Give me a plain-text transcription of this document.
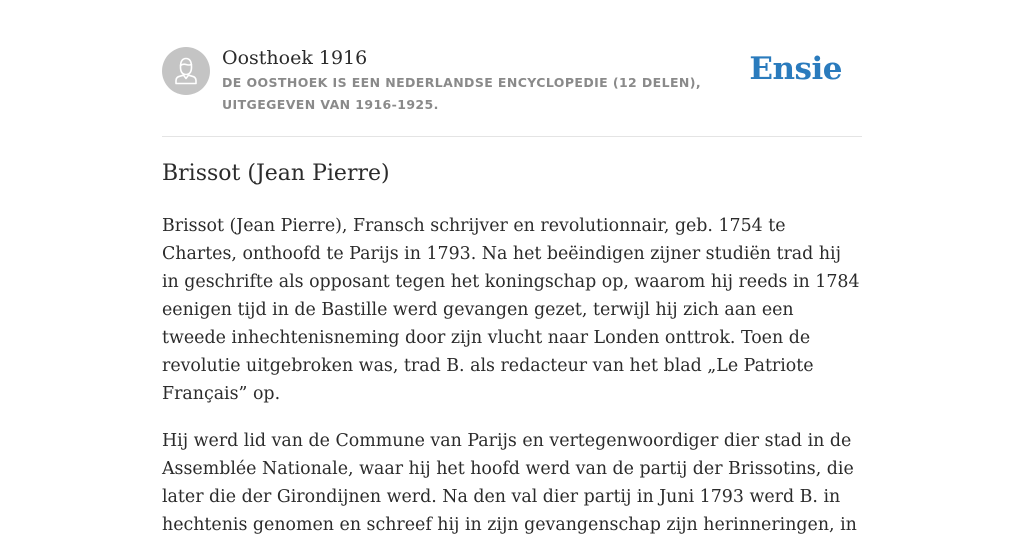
Oosthoek 1916
DE OOSTHOEK IS EEN NEDERLANDSE ENCYCLOPEDIE (12 DELEN), UITGEGEVEN VAN 1916-1925.
Ensie
Brissot (Jean Pierre)

Brissot (Jean Pierre), Fransch schrijver en revolutionnair, geb. 1754 te Chartes, onthoofd te Parijs in 1793. Na het beëindigen zijner studiën trad hij in geschrifte als opposant tegen het koningschap op, waarom hij reeds in 1784 eenigen tijd in de Bastille werd gevangen gezet, terwijl hij zich aan een tweede inhechtenisneming door zijn vlucht naar Londen onttrok. Toen de revolutie uitgebroken was, trad B. als redacteur van het blad „Le Patriote Français” op.

Hij werd lid van de Commune van Parijs en vertegenwoordiger dier stad in de Assemblée Nationale, waar hij het hoofd werd van de partij der Brissotins, die later die der Girondijnen werd. Na den val dier partij in Juni 1793 werd B. in hechtenis genomen en schreef hij in zijn gevangenschap zijn herinneringen, in
